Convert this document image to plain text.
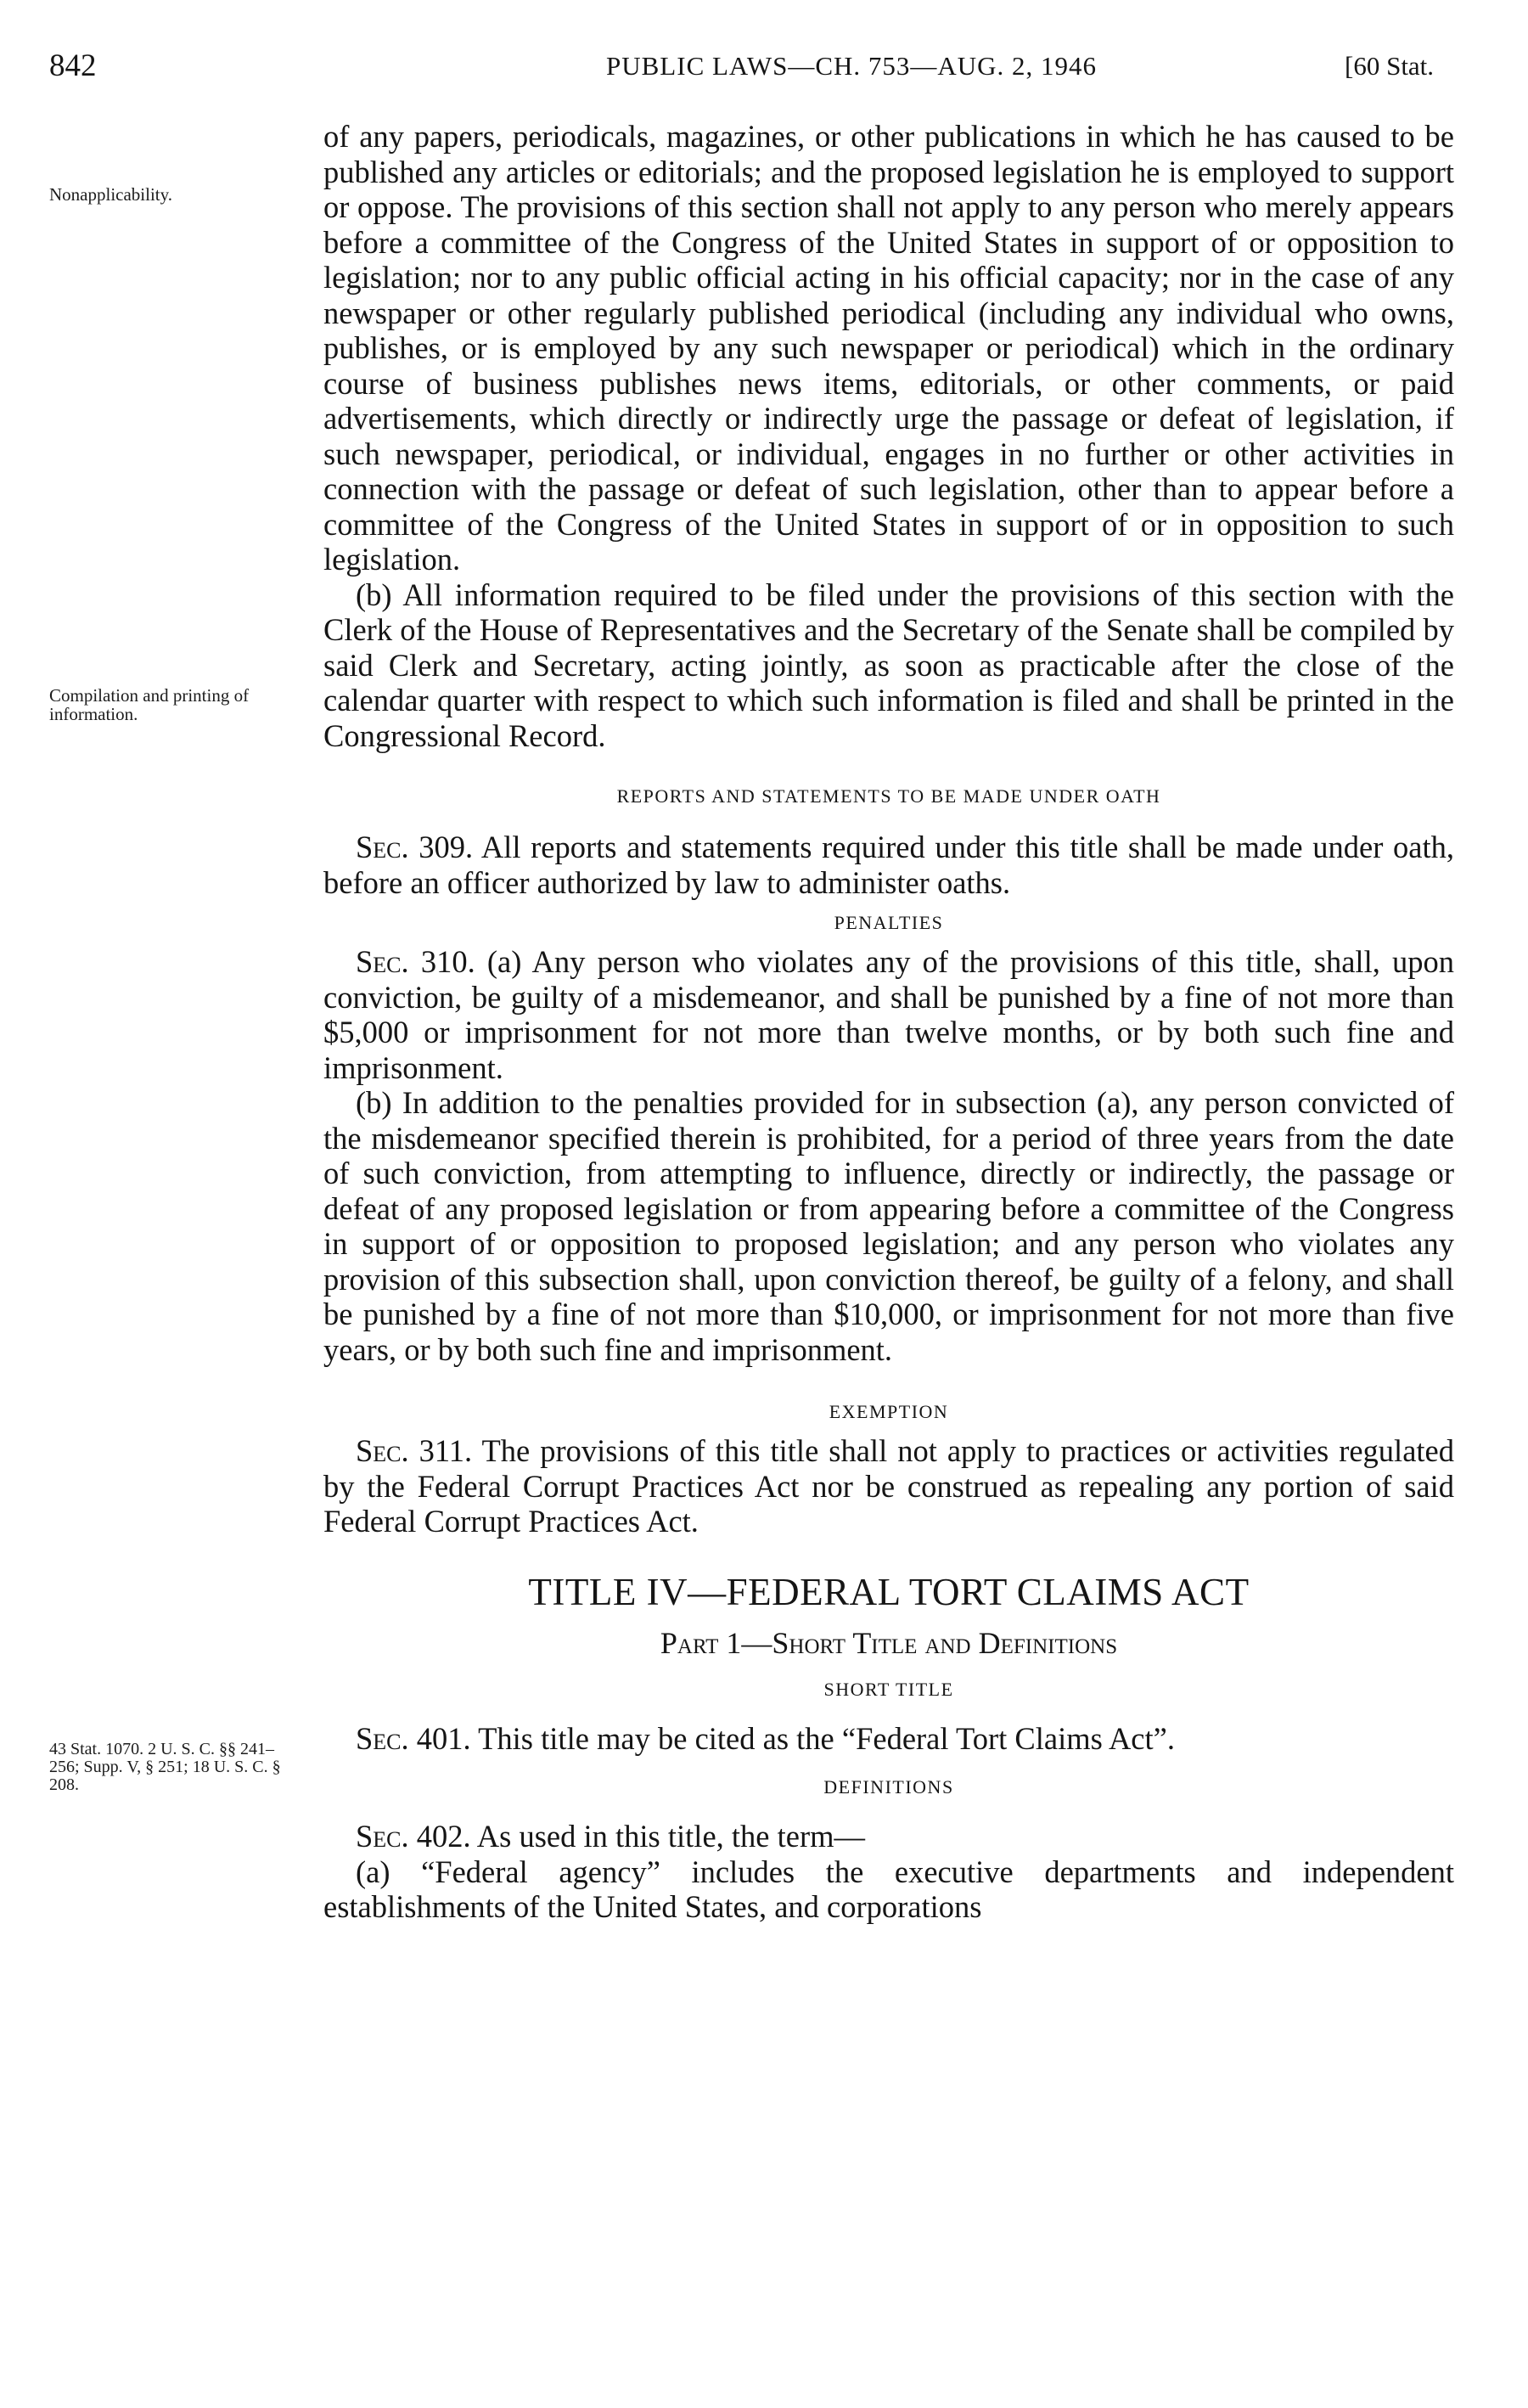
842	PUBLIC LAWS—CH. 753—AUG. 2, 1946	[60 Stat.
Nonapplicability.
Compilation and printing of information.
43 Stat. 1070. 2 U. S. C. §§ 241–256; Supp. V, § 251; 18 U. S. C. § 208.

of any papers, periodicals, magazines, or other publications in which he has caused to be published any articles or editorials; and the proposed legislation he is employed to support or oppose. The provisions of this section shall not apply to any person who merely appears before a committee of the Congress of the United States in support of or opposition to legislation; nor to any public official acting in his official capacity; nor in the case of any newspaper or other regularly published periodical (including any individual who owns, publishes, or is employed by any such newspaper or periodical) which in the ordinary course of business publishes news items, editorials, or other comments, or paid advertisements, which directly or indirectly urge the passage or defeat of legislation, if such newspaper, periodical, or individual, engages in no further or other activities in connection with the passage or defeat of such legislation, other than to appear before a committee of the Congress of the United States in support of or in opposition to such legislation.

(b) All information required to be filed under the provisions of this section with the Clerk of the House of Representatives and the Secretary of the Senate shall be compiled by said Clerk and Secretary, acting jointly, as soon as practicable after the close of the calendar quarter with respect to which such information is filed and shall be printed in the Congressional Record.

REPORTS AND STATEMENTS TO BE MADE UNDER OATH

Sec. 309. All reports and statements required under this title shall be made under oath, before an officer authorized by law to administer oaths.

PENALTIES

Sec. 310. (a) Any person who violates any of the provisions of this title, shall, upon conviction, be guilty of a misdemeanor, and shall be punished by a fine of not more than $5,000 or imprisonment for not more than twelve months, or by both such fine and imprisonment.

(b) In addition to the penalties provided for in subsection (a), any person convicted of the misdemeanor specified therein is prohibited, for a period of three years from the date of such conviction, from attempting to influence, directly or indirectly, the passage or defeat of any proposed legislation or from appearing before a committee of the Congress in support of or opposition to proposed legislation; and any person who violates any provision of this subsection shall, upon conviction thereof, be guilty of a felony, and shall be punished by a fine of not more than $10,000, or imprisonment for not more than five years, or by both such fine and imprisonment.

EXEMPTION

Sec. 311. The provisions of this title shall not apply to practices or activities regulated by the Federal Corrupt Practices Act nor be construed as repealing any portion of said Federal Corrupt Practices Act.

TITLE IV—FEDERAL TORT CLAIMS ACT
Part 1—Short Title and Definitions
SHORT TITLE

Sec. 401. This title may be cited as the “Federal Tort Claims Act”.

DEFINITIONS

Sec. 402. As used in this title, the term—

(a) “Federal agency” includes the executive departments and independent establishments of the United States, and corporations
